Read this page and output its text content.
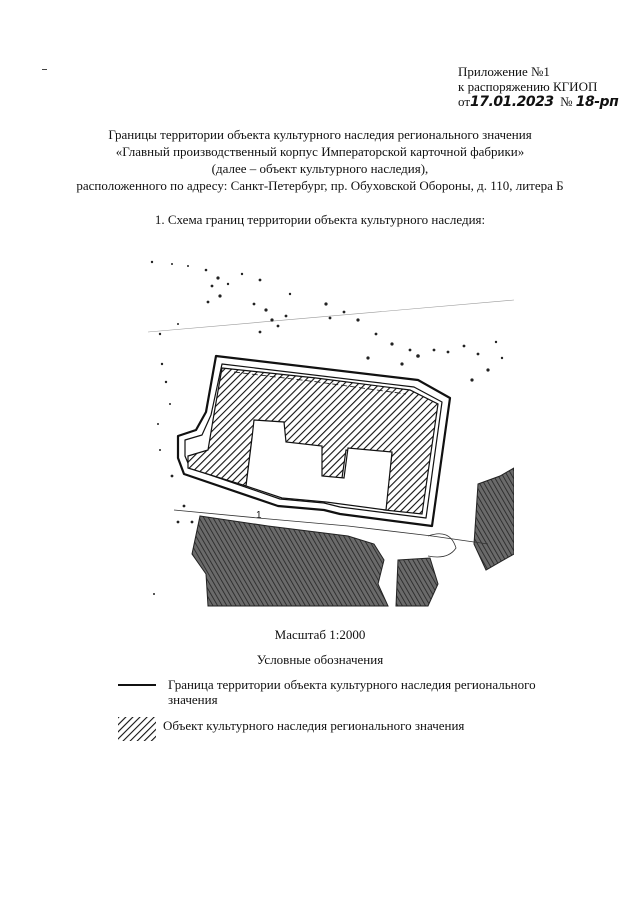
Приложение №1
к распоряжению КГИОП
от17.01.2023 № 18-рп
Границы территории объекта культурного наследия регионального значения
«Главный производственный корпус Императорской карточной фабрики»
(далее – объект культурного наследия),
расположенного по адресу: Санкт-Петербург, пр. Обуховской Обороны, д. 110, литера Б
1. Схема границ территории объекта культурного наследия:
1
Масштаб 1:2000
Условные обозначения
Граница территории объекта культурного наследия регионального значения
Объект культурного наследия регионального значения
